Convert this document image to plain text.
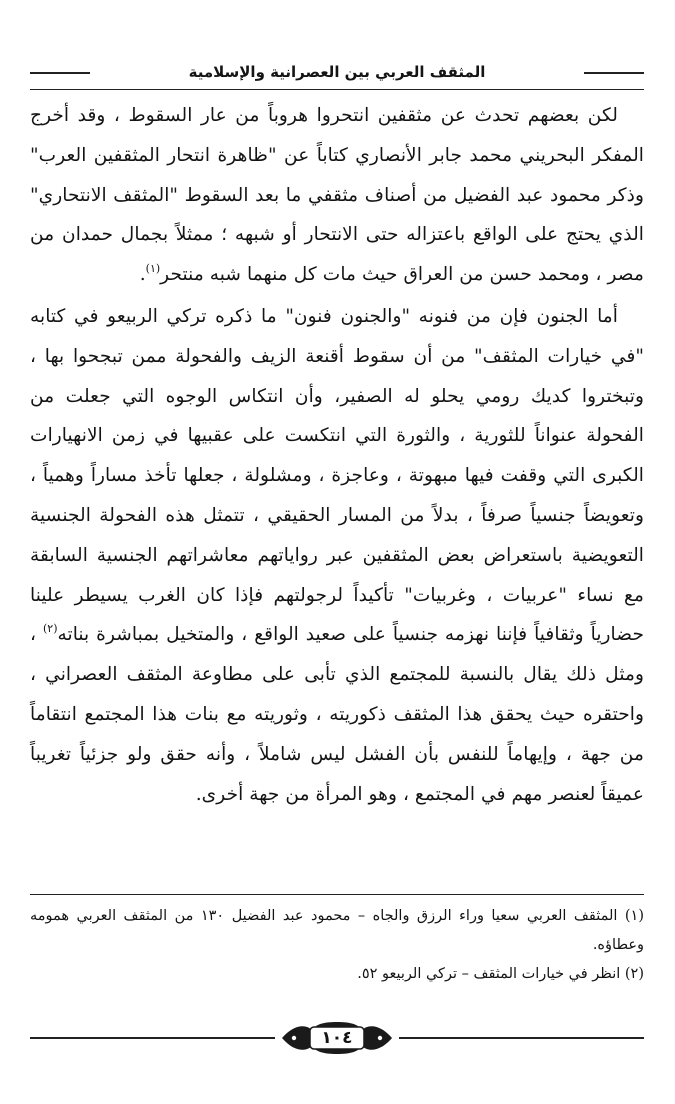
المثقف العربي بين العصرانية والإسلامية

لكن بعضهم تحدث عن مثقفين انتحروا هروباً من عار السقوط ، وقد أخرج المفكر البحريني محمد جابر الأنصاري كتاباً عن "ظاهرة انتحار المثقفين العرب" وذكر محمود عبد الفضيل من أصناف مثقفي ما بعد السقوط "المثقف الانتحاري" الذي يحتج على الواقع باعتزاله حتى الانتحار أو شبهه ؛ ممثلاً بجمال حمدان من مصر ، ومحمد حسن من العراق حيث مات كل منهما شبه منتحر$^{(١)}$.

أما الجنون فإن من فنونه "والجنون فنون" ما ذكره تركي الربيعو في كتابه "في خيارات المثقف" من أن سقوط أقنعة الزيف والفحولة ممن تبجحوا بها ، وتبختروا كديك رومي يحلو له الصفير، وأن انتكاس الوجوه التي جعلت من الفحولة عنواناً للثورية ، والثورة التي انتكست على عقبيها في زمن الانهيارات الكبرى التي وقفت فيها مبهوتة ، وعاجزة ، ومشلولة ، جعلها تأخذ مساراً وهمياً ، وتعويضاً جنسياً صرفاً ، بدلاً من المسار الحقيقي ، تتمثل هذه الفحولة الجنسية التعويضية باستعراض بعض المثقفين عبر رواياتهم معاشراتهم الجنسية السابقة مع نساء "عربيات ، وغربيات" تأكيداً لرجولتهم فإذا كان الغرب يسيطر علينا حضارياً وثقافياً فإننا نهزمه جنسياً على صعيد الواقع ، والمتخيل بمباشرة بناته$^{(٢)}$ ، ومثل ذلك يقال بالنسبة للمجتمع الذي تأبى على مطاوعة المثقف العصراني ، واحتقره حيث يحقق هذا المثقف ذكوريته ، وثوريته مع بنات هذا المجتمع انتقاماً من جهة ، وإيهاماً للنفس بأن الفشل ليس شاملاً ، وأنه حقق ولو جزئياً تغريباً عميقاً لعنصر مهم في المجتمع ، وهو المرأة من جهة أخرى.

(١) المثقف العربي سعيا وراء الرزق والجاه – محمود عبد الفضيل ١٣٠ من المثقف العربي همومه وعطاؤه.

(٢) انظر في خيارات المثقف – تركي الربيعو ٥٢.

١٠٤
